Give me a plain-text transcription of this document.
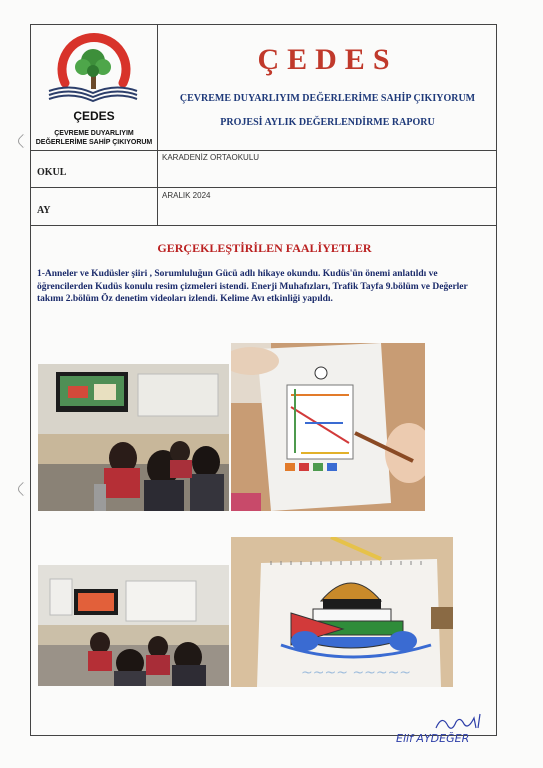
ÇEDES
ÇEVREME DUYARLIYIM
DEĞERLERİME SAHİP ÇIKIYORUM
ÇEDES
ÇEVREME DUYARLIYIM DEĞERLERİME SAHİP ÇIKIYORUM
PROJESİ AYLIK DEĞERLENDİRME RAPORU
KARADENİZ ORTAOKULU
OKUL
ARALIK 2024
AY
GERÇEKLEŞTİRİLEN FAALİYETLER

1-Anneler ve Kudüsler şiiri , Sorumluluğun Gücü adlı hikaye okundu. Kudüs'ün önemi anlatıldı ve öğrencilerden Kudüs konulu resim çizmeleri istendi. Enerji Muhafızları, Trafik Tayfa 9.bölüm ve Değerler takımı 2.bölüm Öz denetim videoları izlendi. Kelime Avı etkinliği yapıldı.

~~~~ ~~~~~
Elif AYDEĞER
